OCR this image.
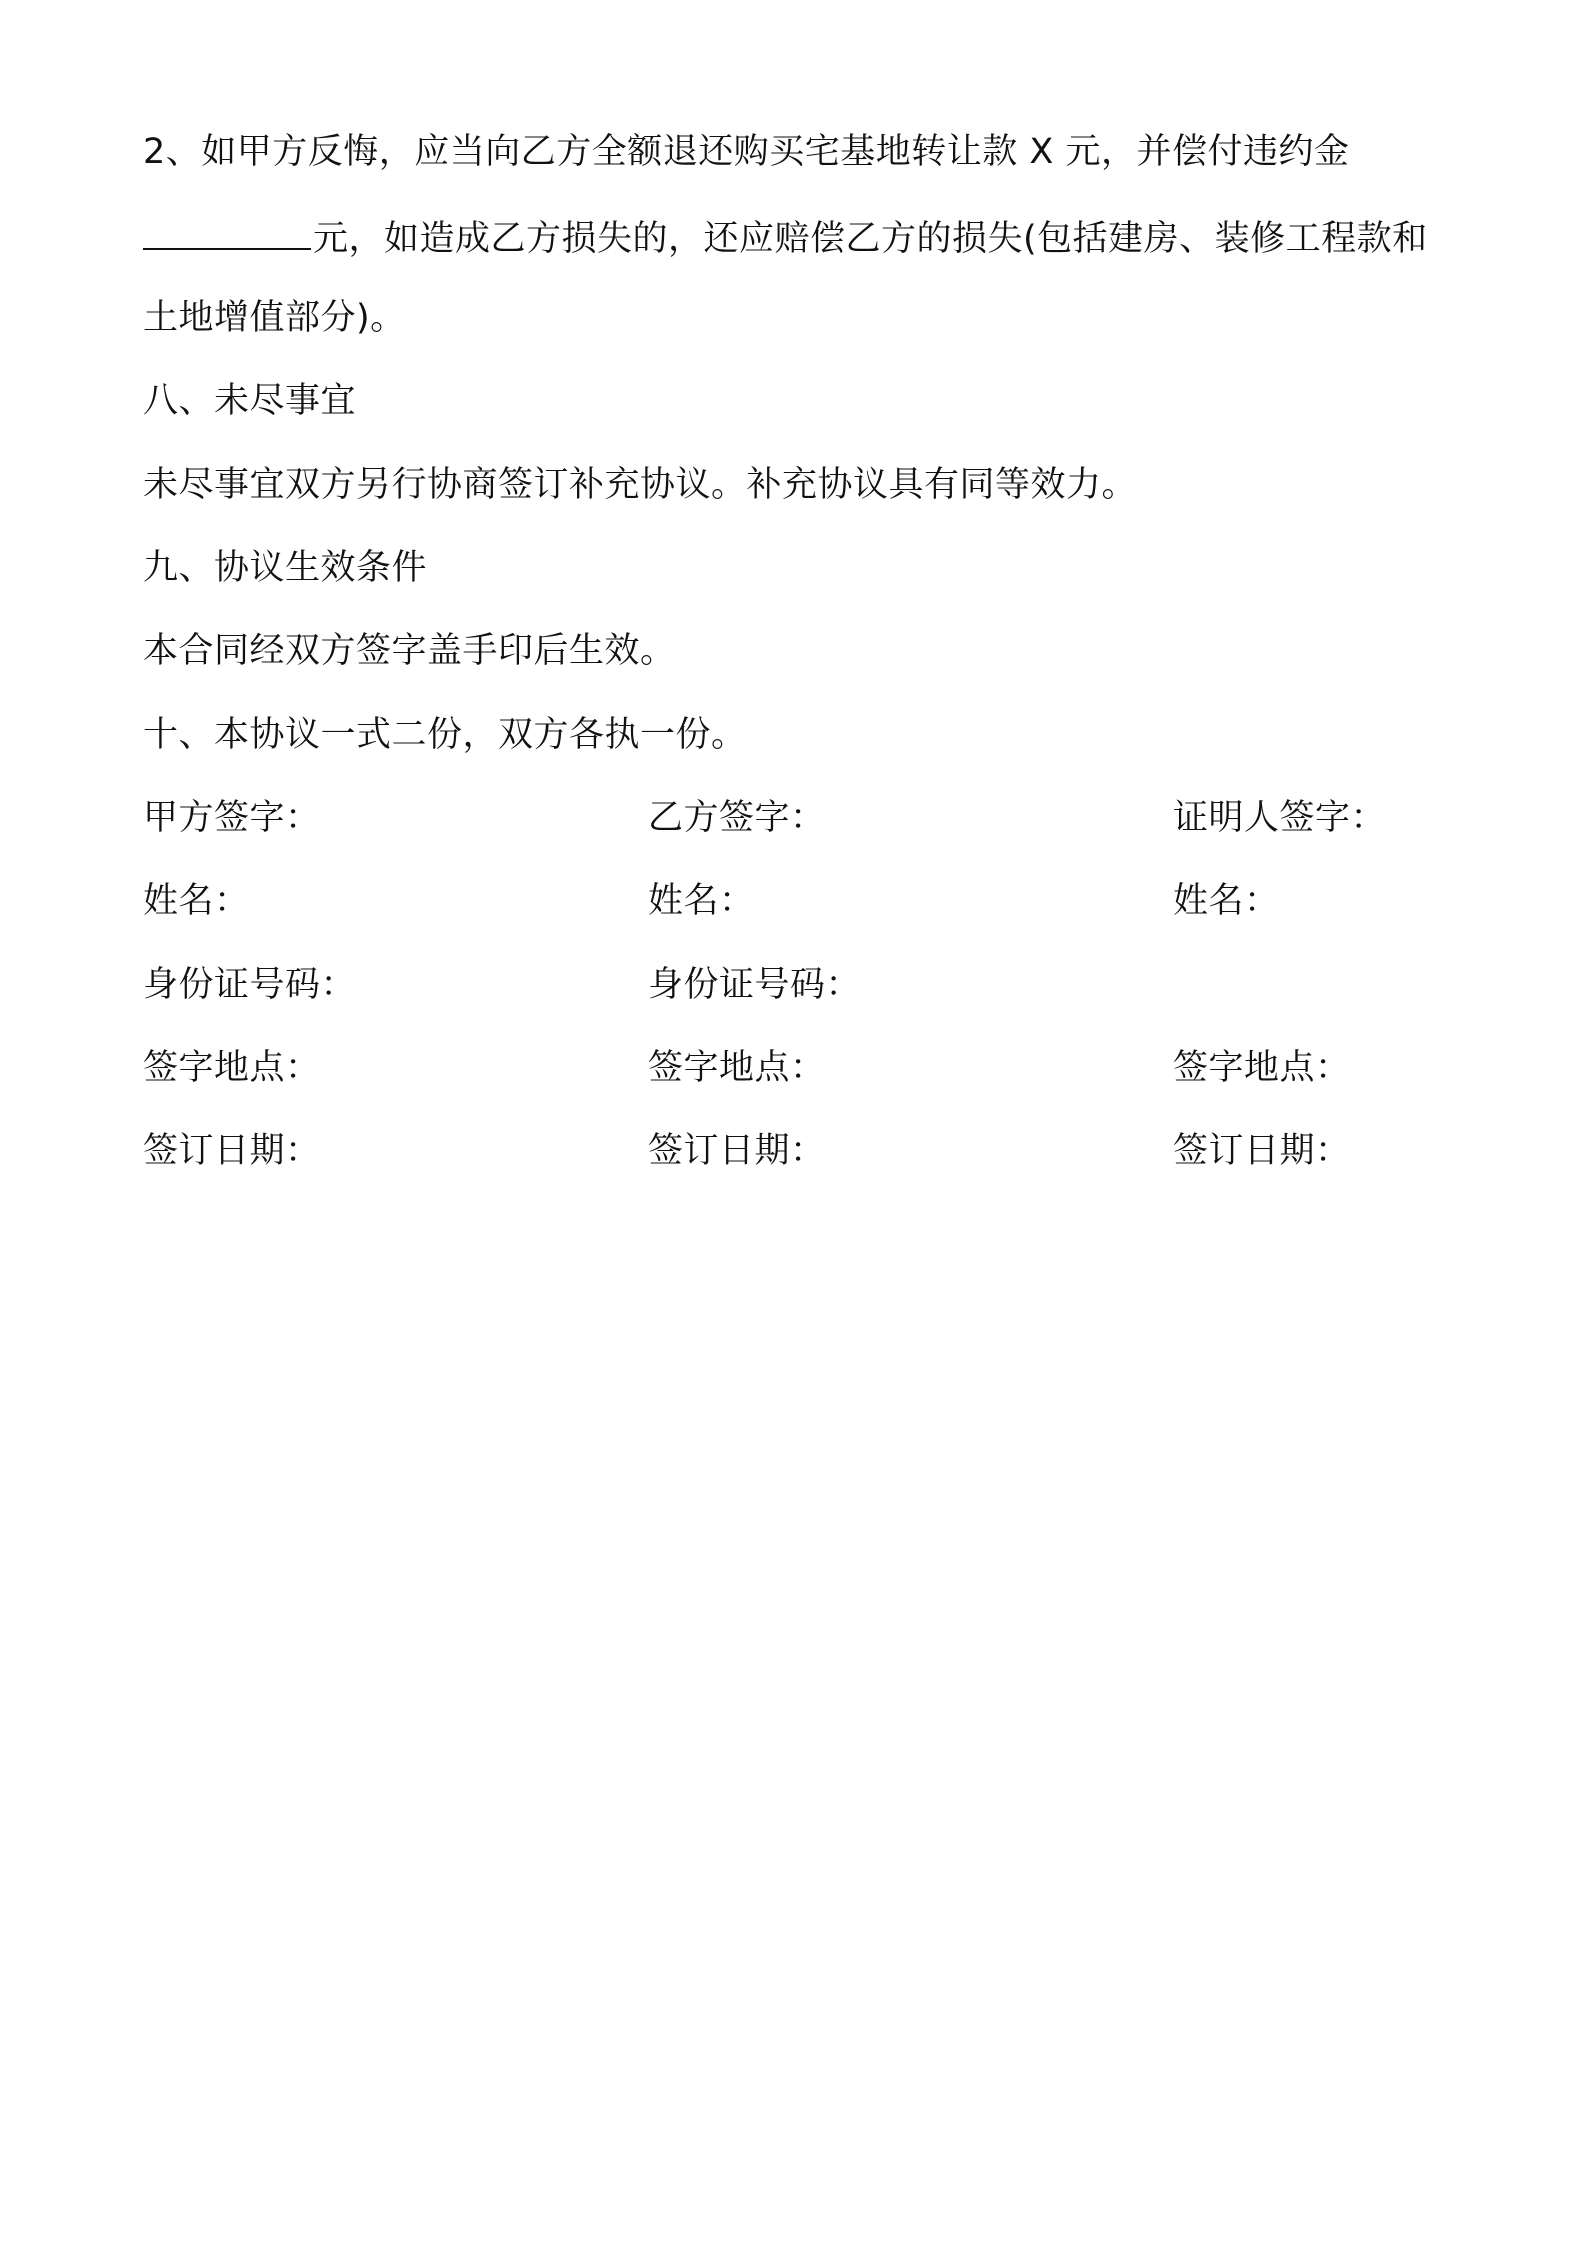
2、如甲方反悔，应当向乙方全额退还购买宅基地转让款 X 元，并偿付违约金
元，如造成乙方损失的，还应赔偿乙方的损失(包括建房、装修工程款和
土地增值部分)。
八、未尽事宜
未尽事宜双方另行协商签订补充协议。补充协议具有同等效力。
九、协议生效条件
本合同经双方签字盖手印后生效。
十、本协议一式二份，双方各执一份。
甲方签字：	乙方签字：	证明人签字：
姓名：	姓名：	姓名：
身份证号码：	身份证号码：
签字地点：	签字地点：	签字地点：
签订日期：	签订日期：	签订日期：
